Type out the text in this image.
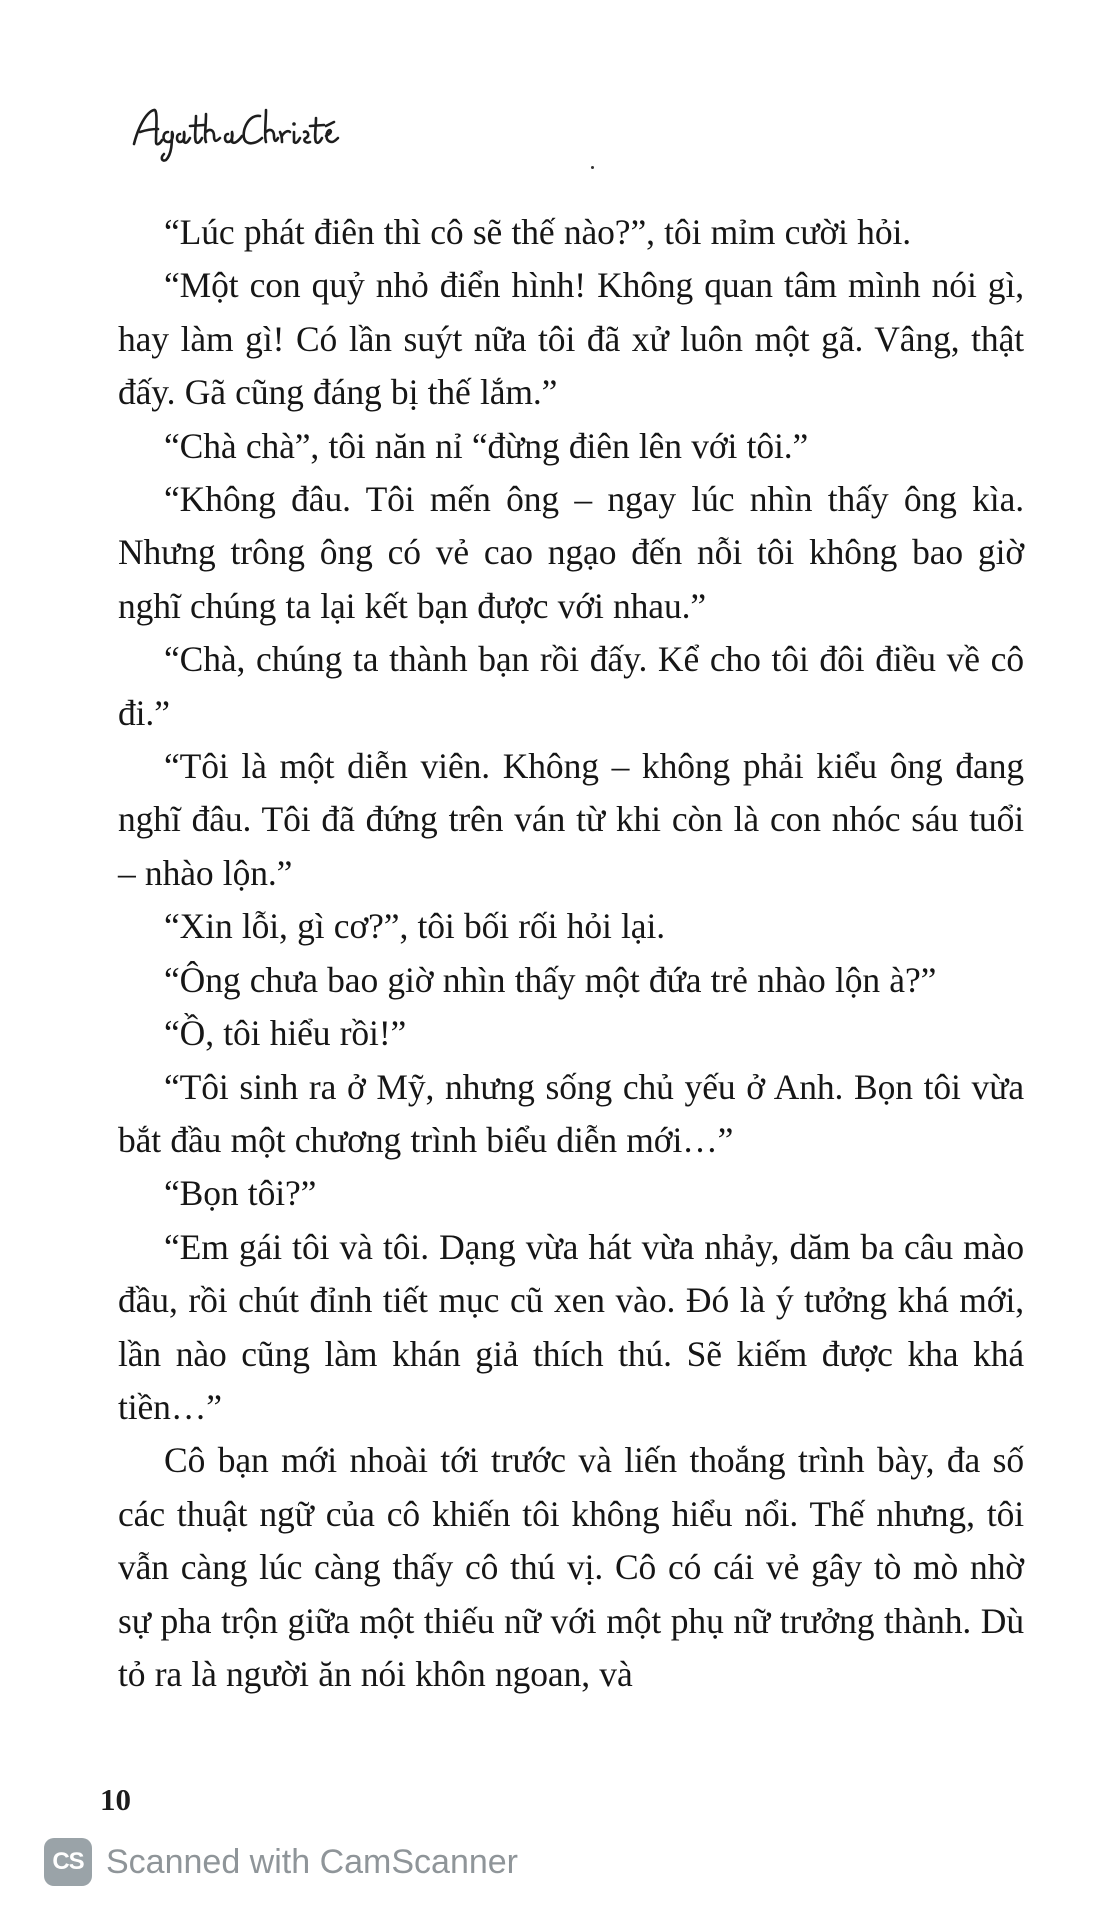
“Lúc phát điên thì cô sẽ thế nào?”, tôi mỉm cười hỏi.

“Một con quỷ nhỏ điển hình! Không quan tâm mình nói gì, hay làm gì! Có lần suýt nữa tôi đã xử luôn một gã. Vâng, thật đấy. Gã cũng đáng bị thế lắm.”

“Chà chà”, tôi năn nỉ “đừng điên lên với tôi.”

“Không đâu. Tôi mến ông – ngay lúc nhìn thấy ông kìa. Nhưng trông ông có vẻ cao ngạo đến nỗi tôi không bao giờ nghĩ chúng ta lại kết bạn được với nhau.”

“Chà, chúng ta thành bạn rồi đấy. Kể cho tôi đôi điều về cô đi.”

“Tôi là một diễn viên. Không – không phải kiểu ông đang nghĩ đâu. Tôi đã đứng trên ván từ khi còn là con nhóc sáu tuổi – nhào lộn.”

“Xin lỗi, gì cơ?”, tôi bối rối hỏi lại.

“Ông chưa bao giờ nhìn thấy một đứa trẻ nhào lộn à?”

“Ồ, tôi hiểu rồi!”

“Tôi sinh ra ở Mỹ, nhưng sống chủ yếu ở Anh. Bọn tôi vừa bắt đầu một chương trình biểu diễn mới…”

“Bọn tôi?”

“Em gái tôi và tôi. Dạng vừa hát vừa nhảy, dăm ba câu mào đầu, rồi chút đỉnh tiết mục cũ xen vào. Đó là ý tưởng khá mới, lần nào cũng làm khán giả thích thú. Sẽ kiếm được kha khá tiền…”

Cô bạn mới nhoài tới trước và liến thoắng trình bày, đa số các thuật ngữ của cô khiến tôi không hiểu nổi. Thế nhưng, tôi vẫn càng lúc càng thấy cô thú vị. Cô có cái vẻ gây tò mò nhờ sự pha trộn giữa một thiếu nữ với một phụ nữ trưởng thành. Dù tỏ ra là người ăn nói khôn ngoan, và

10
CS Scanned with CamScanner
